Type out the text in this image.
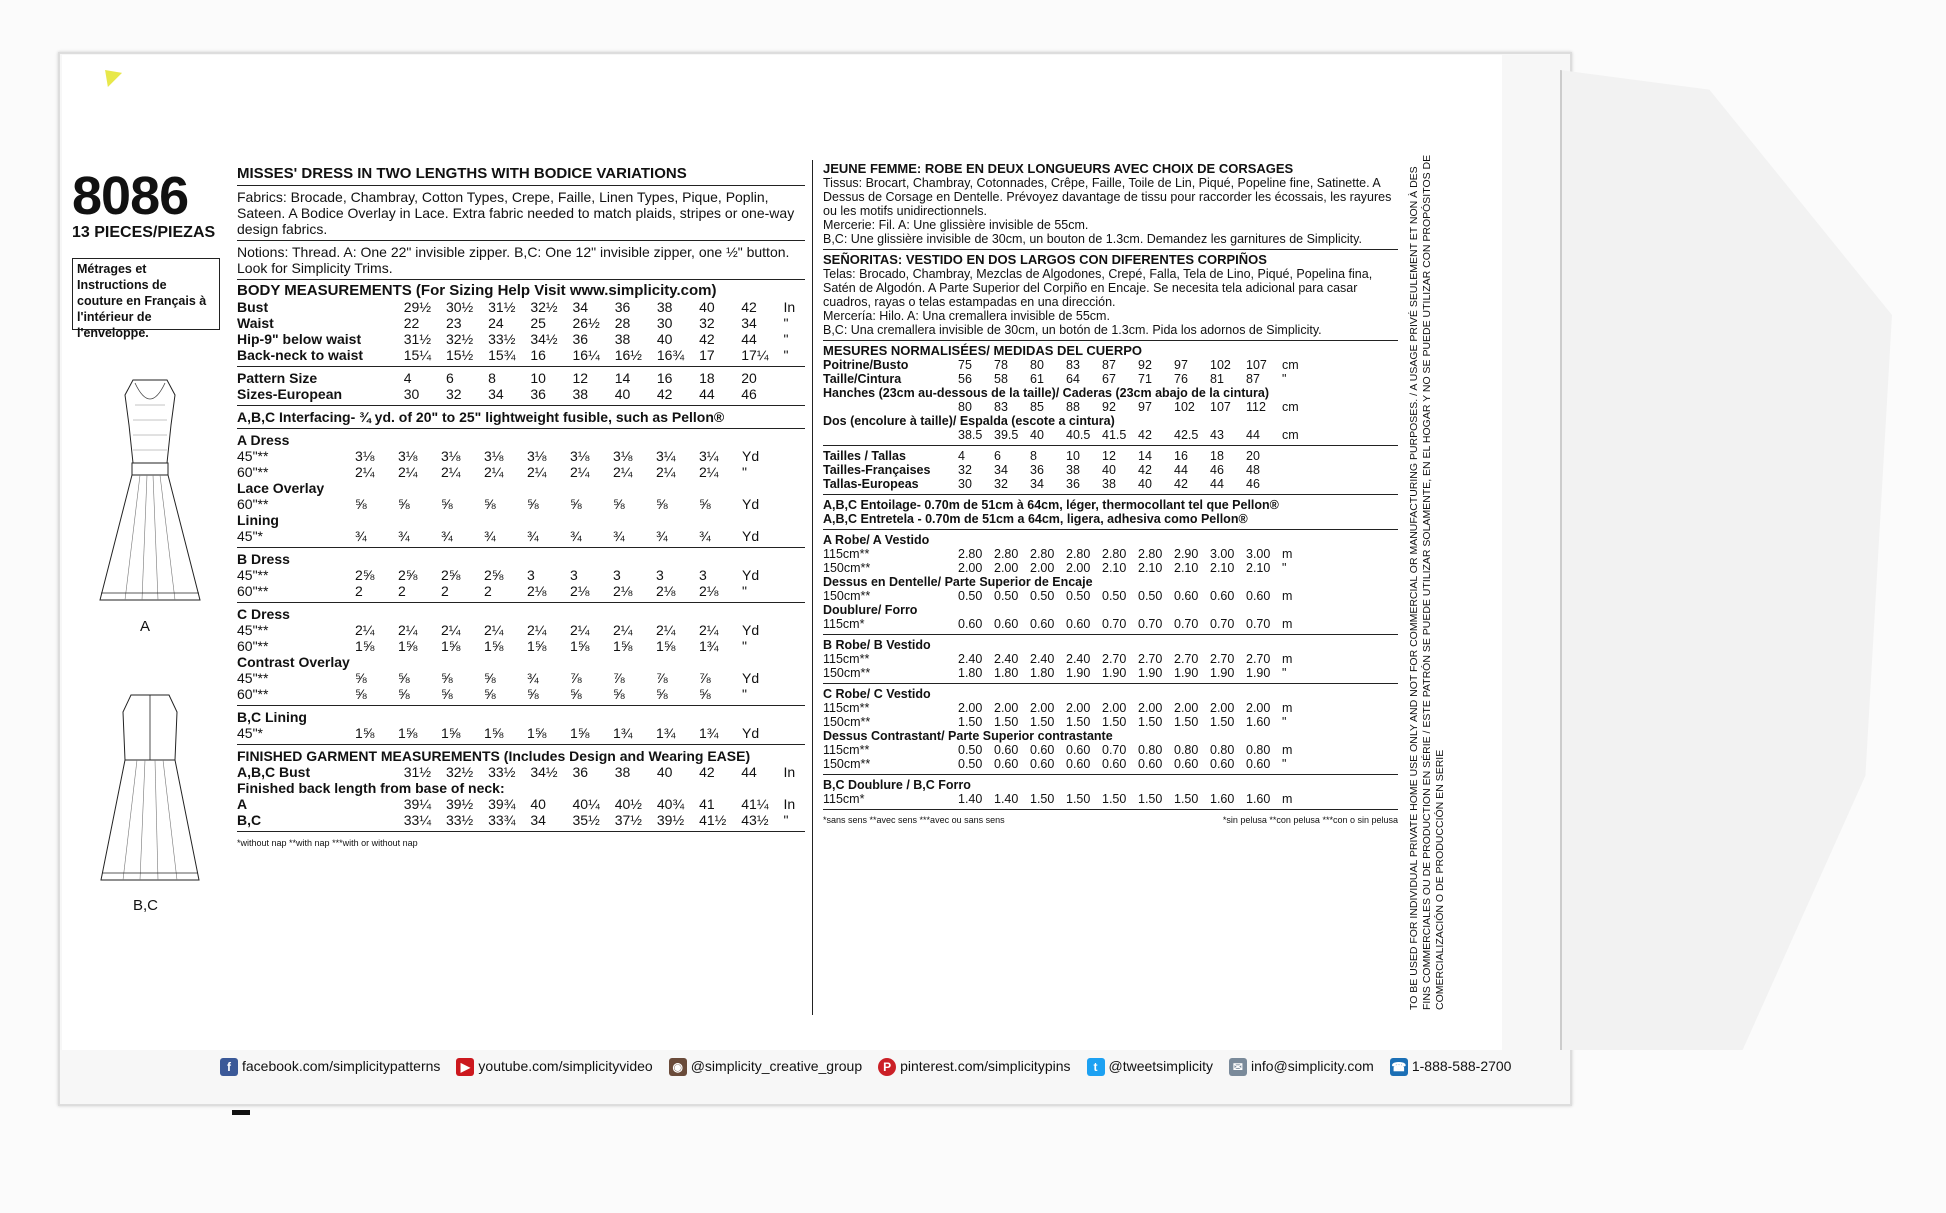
8086
13 PIECES/PIEZAS
Métrages et Instructions de couture en Français à l'intérieur de l'enveloppe.
A
B,C
MISSES' DRESS IN TWO LENGTHS WITH BODICE VARIATIONS
Fabrics: Brocade, Chambray, Cotton Types, Crepe, Faille, Linen Types, Pique, Poplin, Sateen. A Bodice Overlay in Lace. Extra fabric needed to match plaids, stripes or one-way design fabrics.
Notions: Thread. A: One 22" invisible zipper. B,C: One 12" invisible zipper, one ½" button. Look for Simplicity Trims.
BODY MEASUREMENTS (For Sizing Help Visit www.simplicity.com)
Bust	29½	30½	31½	32½	34	36	38	40	42	In
Waist	22	23	24	25	26½	28	30	32	34	"
Hip-9" below waist	31½	32½	33½	34½	36	38	40	42	44	"
Back-neck to waist	15¼	15½	15¾	16	16¼	16½	16¾	17	17¼	"
Pattern Size	4	6	8	10	12	14	16	18	20
Sizes-European	30	32	34	36	38	40	42	44	46
A,B,C Interfacing- ¾ yd. of 20" to 25" lightweight fusible, such as Pellon®
A Dress
45"**	3⅛	3⅛	3⅛	3⅛	3⅛	3⅛	3⅛	3¼	3¼	Yd
60"**	2¼	2¼	2¼	2¼	2¼	2¼	2¼	2¼	2¼	"
Lace Overlay
60"**	⅝	⅝	⅝	⅝	⅝	⅝	⅝	⅝	⅝	Yd
Lining
45"*	¾	¾	¾	¾	¾	¾	¾	¾	¾	Yd
B Dress
45"**	2⅝	2⅝	2⅝	2⅝	3	3	3	3	3	Yd
60"**	2	2	2	2	2⅛	2⅛	2⅛	2⅛	2⅛	"
C Dress
45"**	2¼	2¼	2¼	2¼	2¼	2¼	2¼	2¼	2¼	Yd
60"**	1⅝	1⅝	1⅝	1⅝	1⅝	1⅝	1⅝	1⅝	1¾	"
Contrast Overlay
45"**	⅝	⅝	⅝	⅝	¾	⅞	⅞	⅞	⅞	Yd
60"**	⅝	⅝	⅝	⅝	⅝	⅝	⅝	⅝	⅝	"
B,C Lining
45"*	1⅝	1⅝	1⅝	1⅝	1⅝	1⅝	1¾	1¾	1¾	Yd
FINISHED GARMENT MEASUREMENTS (Includes Design and Wearing EASE)
A,B,C Bust	31½	32½	33½	34½	36	38	40	42	44	In
Finished back length from base of neck:
A	39¼	39½	39¾	40	40¼	40½	40¾	41	41¼	In
B,C	33¼	33½	33¾	34	35½	37½	39½	41½	43½	"
*without nap **with nap ***with or without nap
JEUNE FEMME: ROBE EN DEUX LONGUEURS AVEC CHOIX DE CORSAGES
Tissus: Brocart, Chambray, Cotonnades, Crêpe, Faille, Toile de Lin, Piqué, Popeline fine, Satinette. A Dessus de Corsage en Dentelle. Prévoyez davantage de tissu pour raccorder les écossais, les rayures ou les motifs unidirectionnels.
Mercerie: Fil. A: Une glissière invisible de 55cm.
B,C: Une glissière invisible de 30cm, un bouton de 1.3cm. Demandez les garnitures de Simplicity.
SEÑORITAS: VESTIDO EN DOS LARGOS CON DIFERENTES CORPIÑOS
Telas: Brocado, Chambray, Mezclas de Algodones, Crepé, Falla, Tela de Lino, Piqué, Popelina fina, Satén de Algodón. A Parte Superior del Corpiño en Encaje. Se necesita tela adicional para casar cuadros, rayas o telas estampadas en una dirección.
Mercería: Hilo. A: Una cremallera invisible de 55cm.
B,C: Una cremallera invisible de 30cm, un botón de 1.3cm. Pida los adornos de Simplicity.
MESURES NORMALISÉES/ MEDIDAS DEL CUERPO
Poitrine/Busto	75	78	80	83	87	92	97	102	107	cm
Taille/Cintura	56	58	61	64	67	71	76	81	87	"
Hanches (23cm au-dessous de la taille)/ Caderas (23cm abajo de la cintura)
80	83	85	88	92	97	102	107	112	cm
Dos (encolure à taille)/ Espalda (escote a cintura)
38.5 39.5 40	40.5 41.5 42	42.5 43	44	cm
Tailles / Tallas	4	6	8	10	12	14	16	18	20
Tailles-Françaises	32	34	36	38	40	42	44	46	48
Tallas-Europeas	30	32	34	36	38	40	42	44	46
A,B,C Entoilage- 0.70m de 51cm à 64cm, léger, thermocollant tel que Pellon®
A,B,C Entretela - 0.70m de 51cm a 64cm, ligera, adhesiva como Pellon®
A Robe/ A Vestido
115cm**	2.80 2.80 2.80 2.80 2.80 2.80 2.90 3.00 3.00 m
150cm**	2.00 2.00 2.00 2.00 2.10 2.10 2.10 2.10 2.10 "
Dessus en Dentelle/ Parte Superior de Encaje
150cm**	0.50 0.50 0.50 0.50 0.50 0.50 0.60 0.60 0.60 m
Doublure/ Forro
115cm*	0.60 0.60 0.60 0.60 0.70 0.70 0.70 0.70 0.70 m
B Robe/ B Vestido
115cm**	2.40 2.40 2.40 2.40 2.70 2.70 2.70 2.70 2.70 m
150cm**	1.80 1.80 1.80 1.90 1.90 1.90 1.90 1.90 1.90 "
C Robe/ C Vestido
115cm**	2.00 2.00 2.00 2.00 2.00 2.00 2.00 2.00 2.00 m
150cm**	1.50 1.50 1.50 1.50 1.50 1.50 1.50 1.50 1.60 "
Dessus Contrastant/ Parte Superior contrastante
115cm**	0.50 0.60 0.60 0.60 0.70 0.80 0.80 0.80 0.80 m
150cm**	0.50 0.60 0.60 0.60 0.60 0.60 0.60 0.60 0.60 "
B,C Doublure / B,C Forro
115cm*	1.40 1.40 1.50 1.50 1.50 1.50 1.50 1.60 1.60 m
*sans sens **avec sens ***avec ou sans sens	*sin pelusa **con pelusa ***con o sin pelusa TO BE USED FOR INDIVIDUAL PRIVATE HOME USE ONLY AND NOT FOR COMMERCIAL OR MANUFACTURING PURPOSES. / A USAGE PRIVÉ SEULEMENT ET NON À DES FINS COMMERCIALES OU DE PRODUCTION EN SÉRIE / ESTE PATRÓN SE PUEDE UTILIZAR SOLAMENTE, EN EL HOGAR Y NO SE PUEDE UTILIZAR CON PROPÓSITOS DE COMERCIALIZACIÓN O DE PRODUCCIÓN EN SERIE
f facebook.com/simplicitypatterns	▶ youtube.com/simplicityvideo	◉ @simplicity_creative_group	P pinterest.com/simplicitypins	t @tweetsimplicity	✉ info@simplicity.com ☎ 1-888-588-2700
